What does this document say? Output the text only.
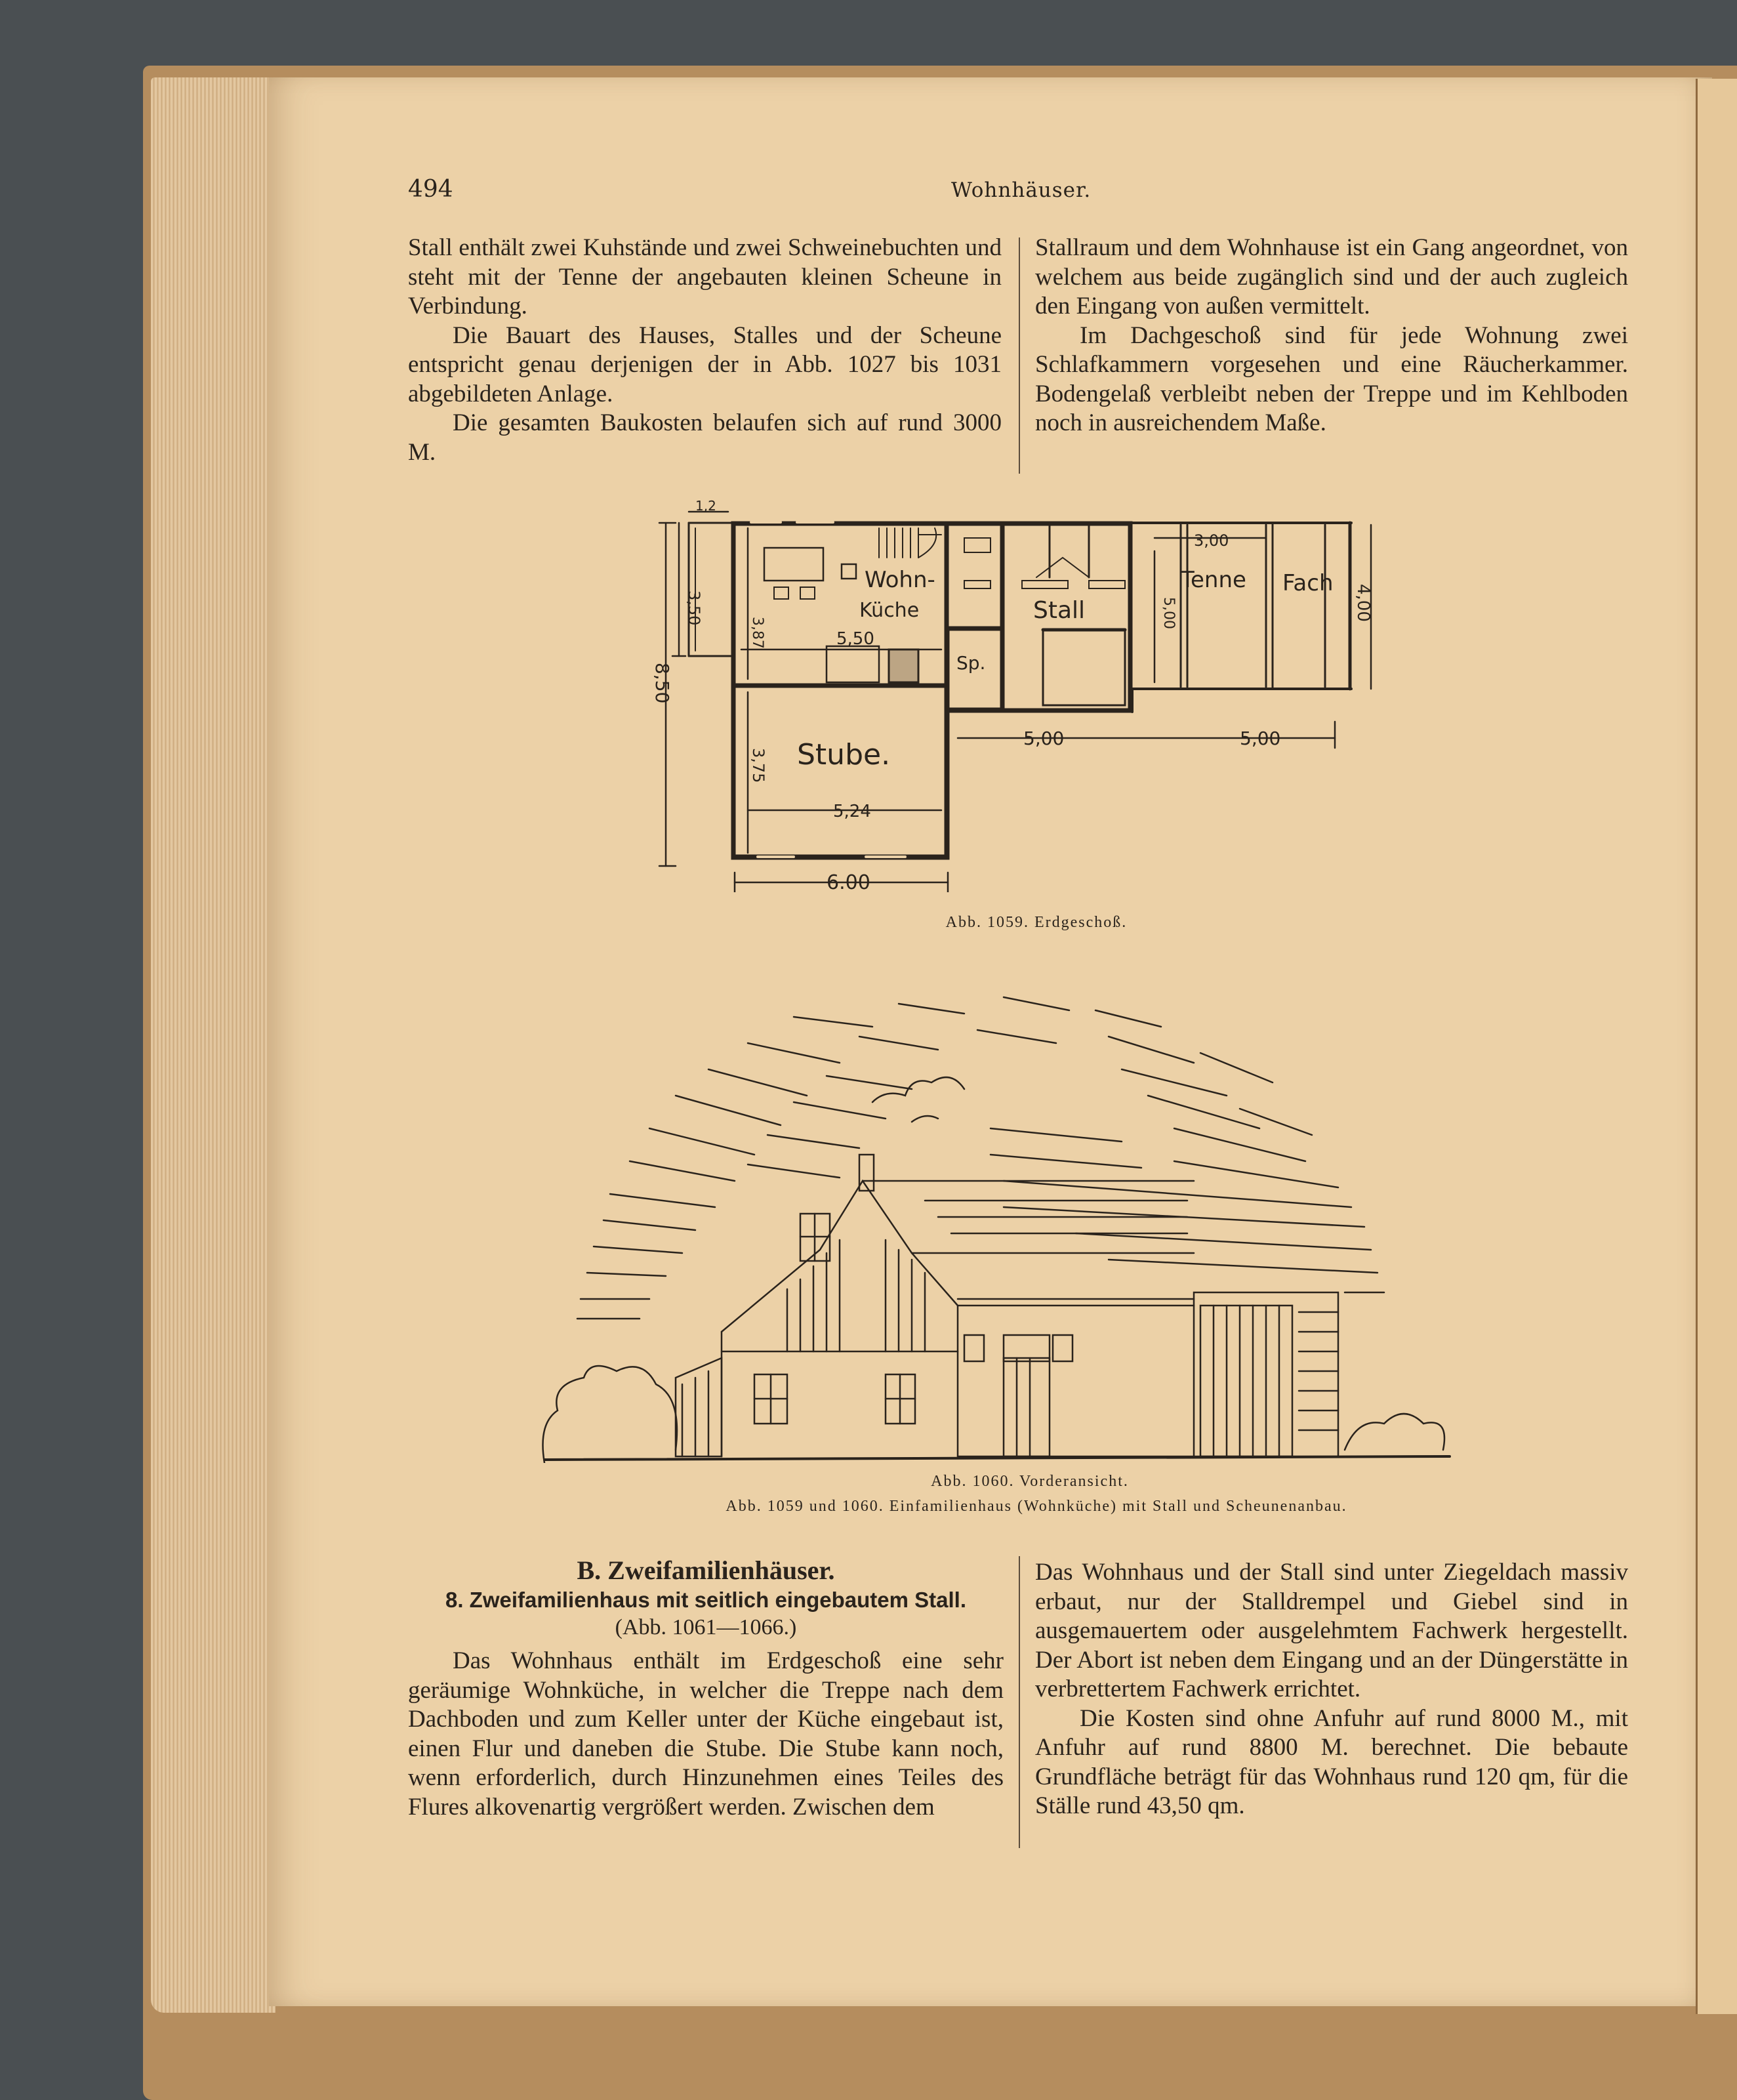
494	Wohnhäuser.

Stall enthält zwei Kuhstände und zwei Schweinebuchten und steht mit der Tenne der angebauten kleinen Scheune in Verbindung.

Die Bauart des Hauses, Stalles und der Scheune entspricht genau derjenigen der in Abb. 1027 bis 1031 abgebildeten Anlage.

Die gesamten Baukosten belaufen sich auf rund 3000 M.

Stallraum und dem Wohnhause ist ein Gang angeordnet, von welchem aus beide zugänglich sind und der auch zugleich den Eingang von außen vermittelt.

Im Dachgeschoß sind für jede Wohnung zwei Schlafkammern vorgesehen und eine Räucherkammer. Bodengelaß verbleibt neben der Treppe und im Kehlboden noch in ausreichendem Maße.

Wohn-
Küche	Stall
Tenne Fach
Stube.
Sp.
1,2
3,50
8,50
3,87	5,50
3,75
5,24
6.00
5,00	5,00
3,00
4,00
5,00
Abb. 1059. Erdgeschoß.
Abb. 1060. Vorderansicht.
Abb. 1059 und 1060. Einfamilienhaus (Wohnküche) mit Stall und Scheunenanbau.
B. Zweifamilienhäuser.
8. Zweifamilienhaus mit seitlich eingebautem Stall.
(Abb. 1061—1066.)

Das Wohnhaus enthält im Erdgeschoß eine sehr geräumige Wohnküche, in welcher die Treppe nach dem Dachboden und zum Keller unter der Küche eingebaut ist, einen Flur und daneben die Stube. Die Stube kann noch, wenn erforderlich, durch Hinzunehmen eines Teiles des Flures alkovenartig vergrößert werden. Zwischen dem

Das Wohnhaus und der Stall sind unter Ziegeldach massiv erbaut, nur der Stalldrempel und Giebel sind in ausgemauertem oder ausgelehmtem Fachwerk hergestellt. Der Abort ist neben dem Eingang und an der Düngerstätte in verbrettertem Fachwerk errichtet.

Die Kosten sind ohne Anfuhr auf rund 8000 M., mit Anfuhr auf rund 8800 M. berechnet. Die bebaute Grundfläche beträgt für das Wohnhaus rund 120 qm, für die Ställe rund 43,50 qm.
